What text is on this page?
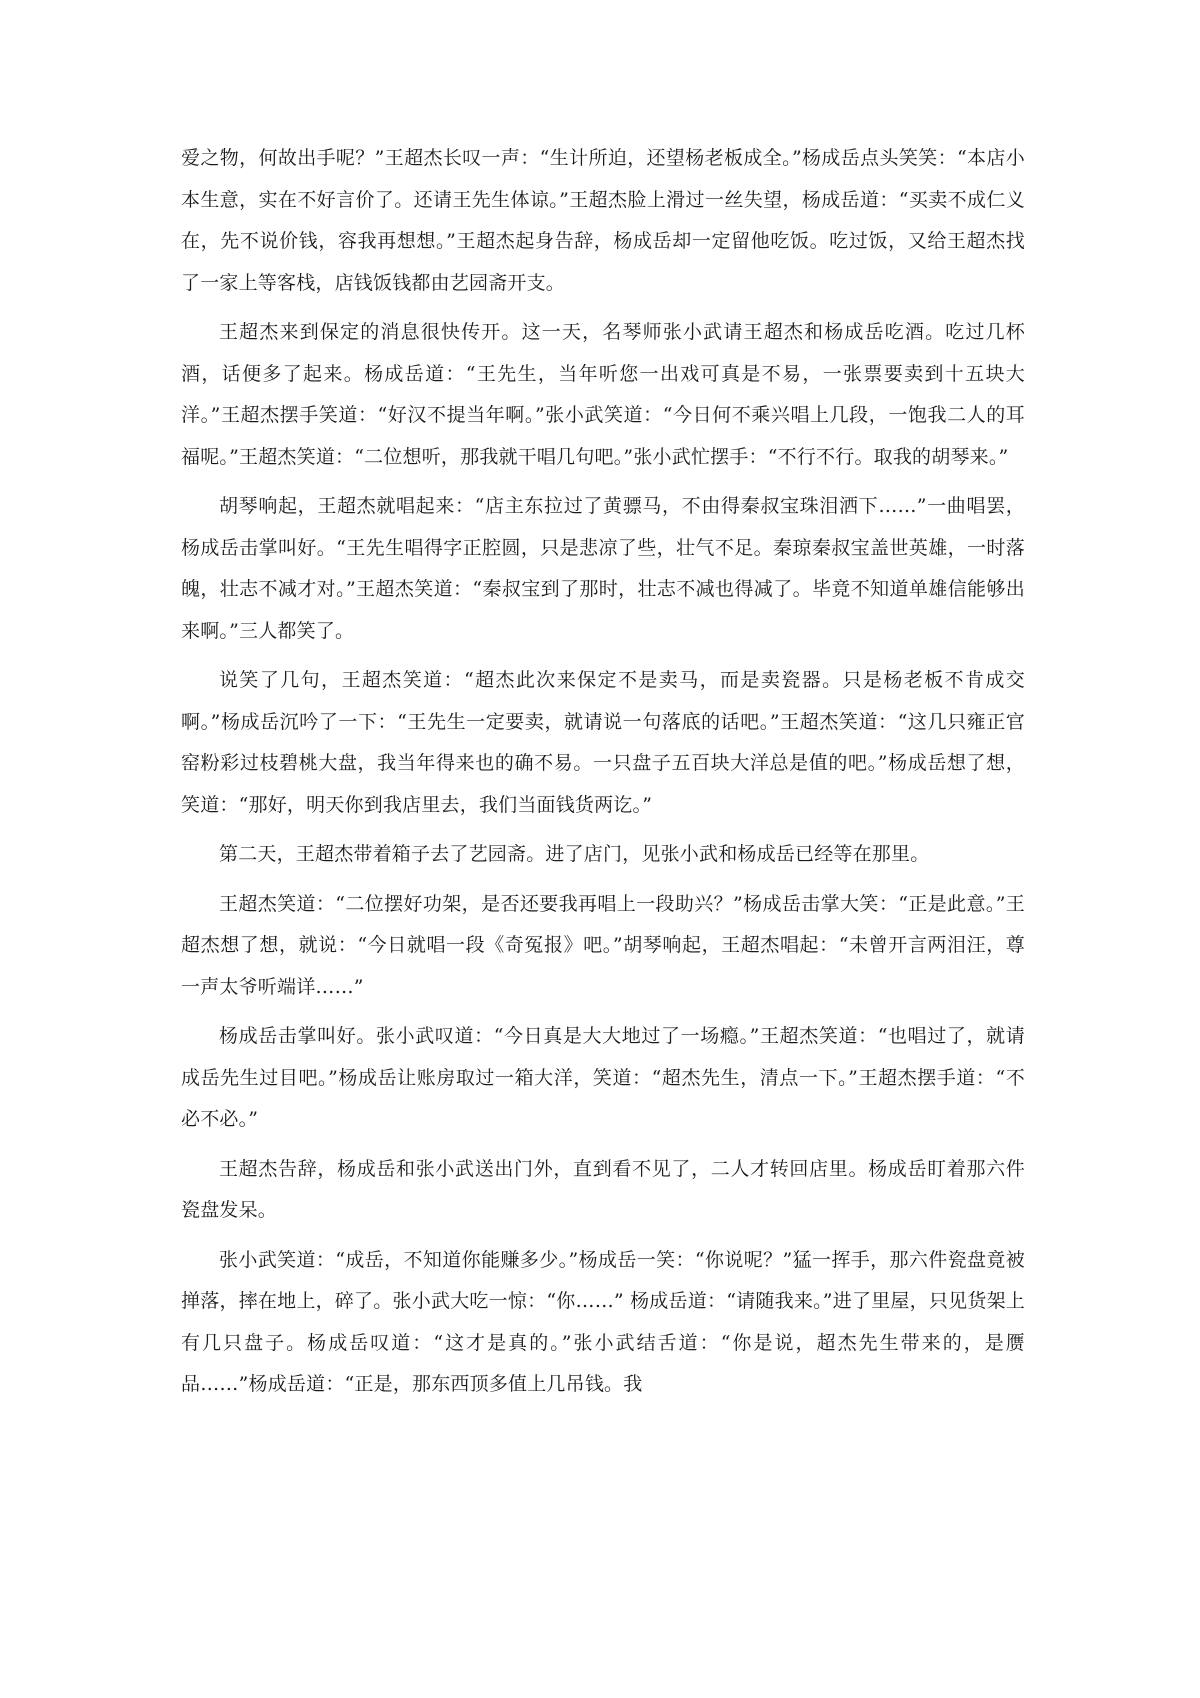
爱之物，何故出手呢？”王超杰长叹一声：“生计所迫，还望杨老板成全。”杨成岳点头笑笑：“本店小本生意，实在不好言价了。还请王先生体谅。”王超杰脸上滑过一丝失望，杨成岳道：“买卖不成仁义在，先不说价钱，容我再想想。”王超杰起身告辞，杨成岳却一定留他吃饭。吃过饭，又给王超杰找了一家上等客栈，店钱饭钱都由艺园斋开支。

王超杰来到保定的消息很快传开。这一天，名琴师张小武请王超杰和杨成岳吃酒。吃过几杯酒，话便多了起来。杨成岳道：“王先生，当年听您一出戏可真是不易，一张票要卖到十五块大洋。”王超杰摆手笑道：“好汉不提当年啊。”张小武笑道：“今日何不乘兴唱上几段，一饱我二人的耳福呢。”王超杰笑道：“二位想听，那我就干唱几句吧。”张小武忙摆手：“不行不行。取我的胡琴来。”

胡琴响起，王超杰就唱起来：“店主东拉过了黄骠马，不由得秦叔宝珠泪洒下……”一曲唱罢，杨成岳击掌叫好。“王先生唱得字正腔圆，只是悲凉了些，壮气不足。秦琼秦叔宝盖世英雄，一时落魄，壮志不减才对。”王超杰笑道：“秦叔宝到了那时，壮志不减也得减了。毕竟不知道单雄信能够出来啊。”三人都笑了。

说笑了几句，王超杰笑道：“超杰此次来保定不是卖马，而是卖瓷器。只是杨老板不肯成交啊。”杨成岳沉吟了一下：“王先生一定要卖，就请说一句落底的话吧。”王超杰笑道：“这几只雍正官窑粉彩过枝碧桃大盘，我当年得来也的确不易。一只盘子五百块大洋总是值的吧。”杨成岳想了想，笑道：“那好，明天你到我店里去，我们当面钱货两讫。”

第二天，王超杰带着箱子去了艺园斋。进了店门，见张小武和杨成岳已经等在那里。

王超杰笑道：“二位摆好功架，是否还要我再唱上一段助兴？”杨成岳击掌大笑：“正是此意。”王超杰想了想，就说：“今日就唱一段《奇冤报》吧。”胡琴响起，王超杰唱起：“未曾开言两泪汪，尊一声太爷听端详……”

杨成岳击掌叫好。张小武叹道：“今日真是大大地过了一场瘾。”王超杰笑道：“也唱过了，就请成岳先生过目吧。”杨成岳让账房取过一箱大洋，笑道：“超杰先生，清点一下。”王超杰摆手道：“不必不必。”

王超杰告辞，杨成岳和张小武送出门外，直到看不见了，二人才转回店里。杨成岳盯着那六件瓷盘发呆。

张小武笑道：“成岳，不知道你能赚多少。”杨成岳一笑：“你说呢？”猛一挥手，那六件瓷盘竟被掸落，摔在地上，碎了。张小武大吃一惊：“你……” 杨成岳道：“请随我来。”进了里屋，只见货架上有几只盘子。杨成岳叹道：“这才是真的。”张小武结舌道：“你是说，超杰先生带来的，是赝品……”杨成岳道：“正是，那东西顶多值上几吊钱。我
